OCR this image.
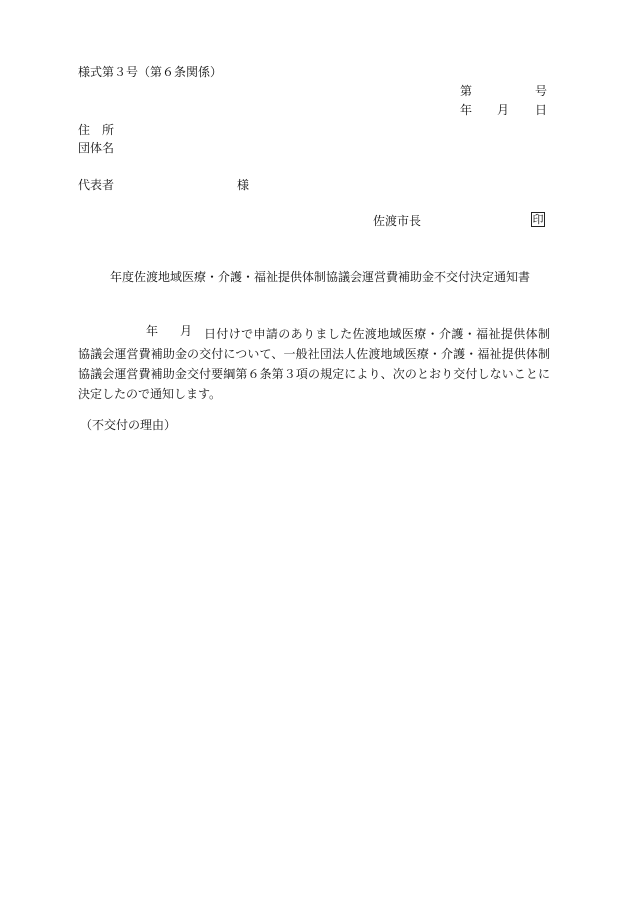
様式第３号（第６条関係）
第	号
年 月 日
住　所
団体名
代表者	様
佐渡市長	印
年度佐渡地域医療・介護・福祉提供体制協議会運営費補助金不交付決定通知書
年 月 日付けで申請のありました佐渡地域医療・介護・福祉提供体制協議会運営費補助金の交付について、一般社団法人佐渡地域医療・介護・福祉提供体制協議会運営費補助金交付要綱第６条第３項の規定により、次のとおり交付しないことに決定したので通知します。

（不交付の理由）
